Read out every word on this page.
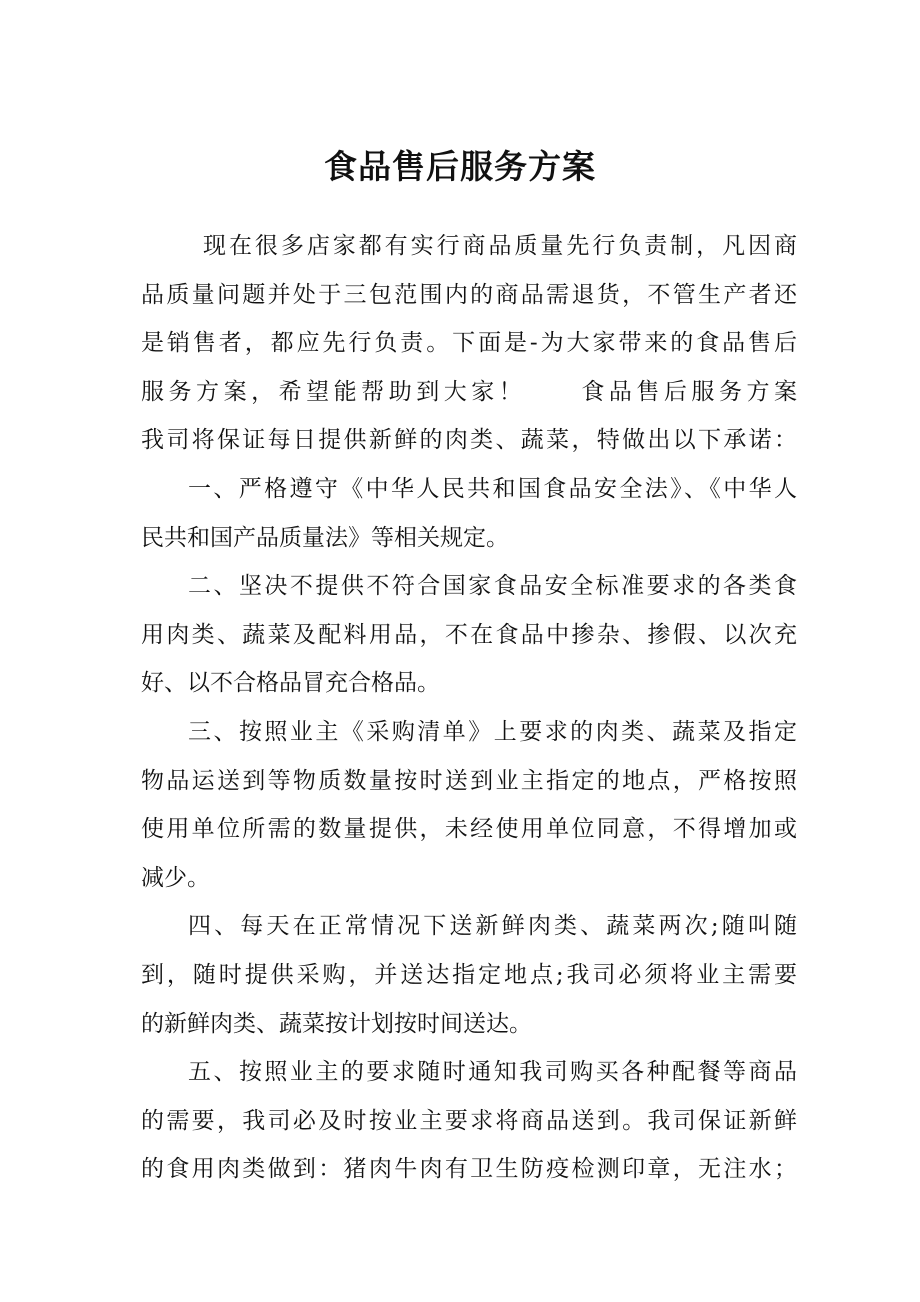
食品售后服务方案
现在很多店家都有实行商品质量先行负责制，凡因商
品质量问题并处于三包范围内的商品需退货，不管生产者还
是销售者，都应先行负责。下面是-为大家带来的食品售后
服务方案，希望能帮助到大家！　　食品售后服务方案
我司将保证每日提供新鲜的肉类、蔬菜，特做出以下承诺：
一、严格遵守《中华人民共和国食品安全法》、《中华人
民共和国产品质量法》等相关规定。
二、坚决不提供不符合国家食品安全标准要求的各类食
用肉类、蔬菜及配料用品，不在食品中掺杂、掺假、以次充
好、以不合格品冒充合格品。
三、按照业主《采购清单》上要求的肉类、蔬菜及指定
物品运送到等物质数量按时送到业主指定的地点，严格按照
使用单位所需的数量提供，未经使用单位同意，不得增加或
减少。
四、每天在正常情况下送新鲜肉类、蔬菜两次;随叫随
到，随时提供采购，并送达指定地点;我司必须将业主需要
的新鲜肉类、蔬菜按计划按时间送达。
五、按照业主的要求随时通知我司购买各种配餐等商品
的需要，我司必及时按业主要求将商品送到。我司保证新鲜
的食用肉类做到：猪肉牛肉有卫生防疫检测印章，无注水；
